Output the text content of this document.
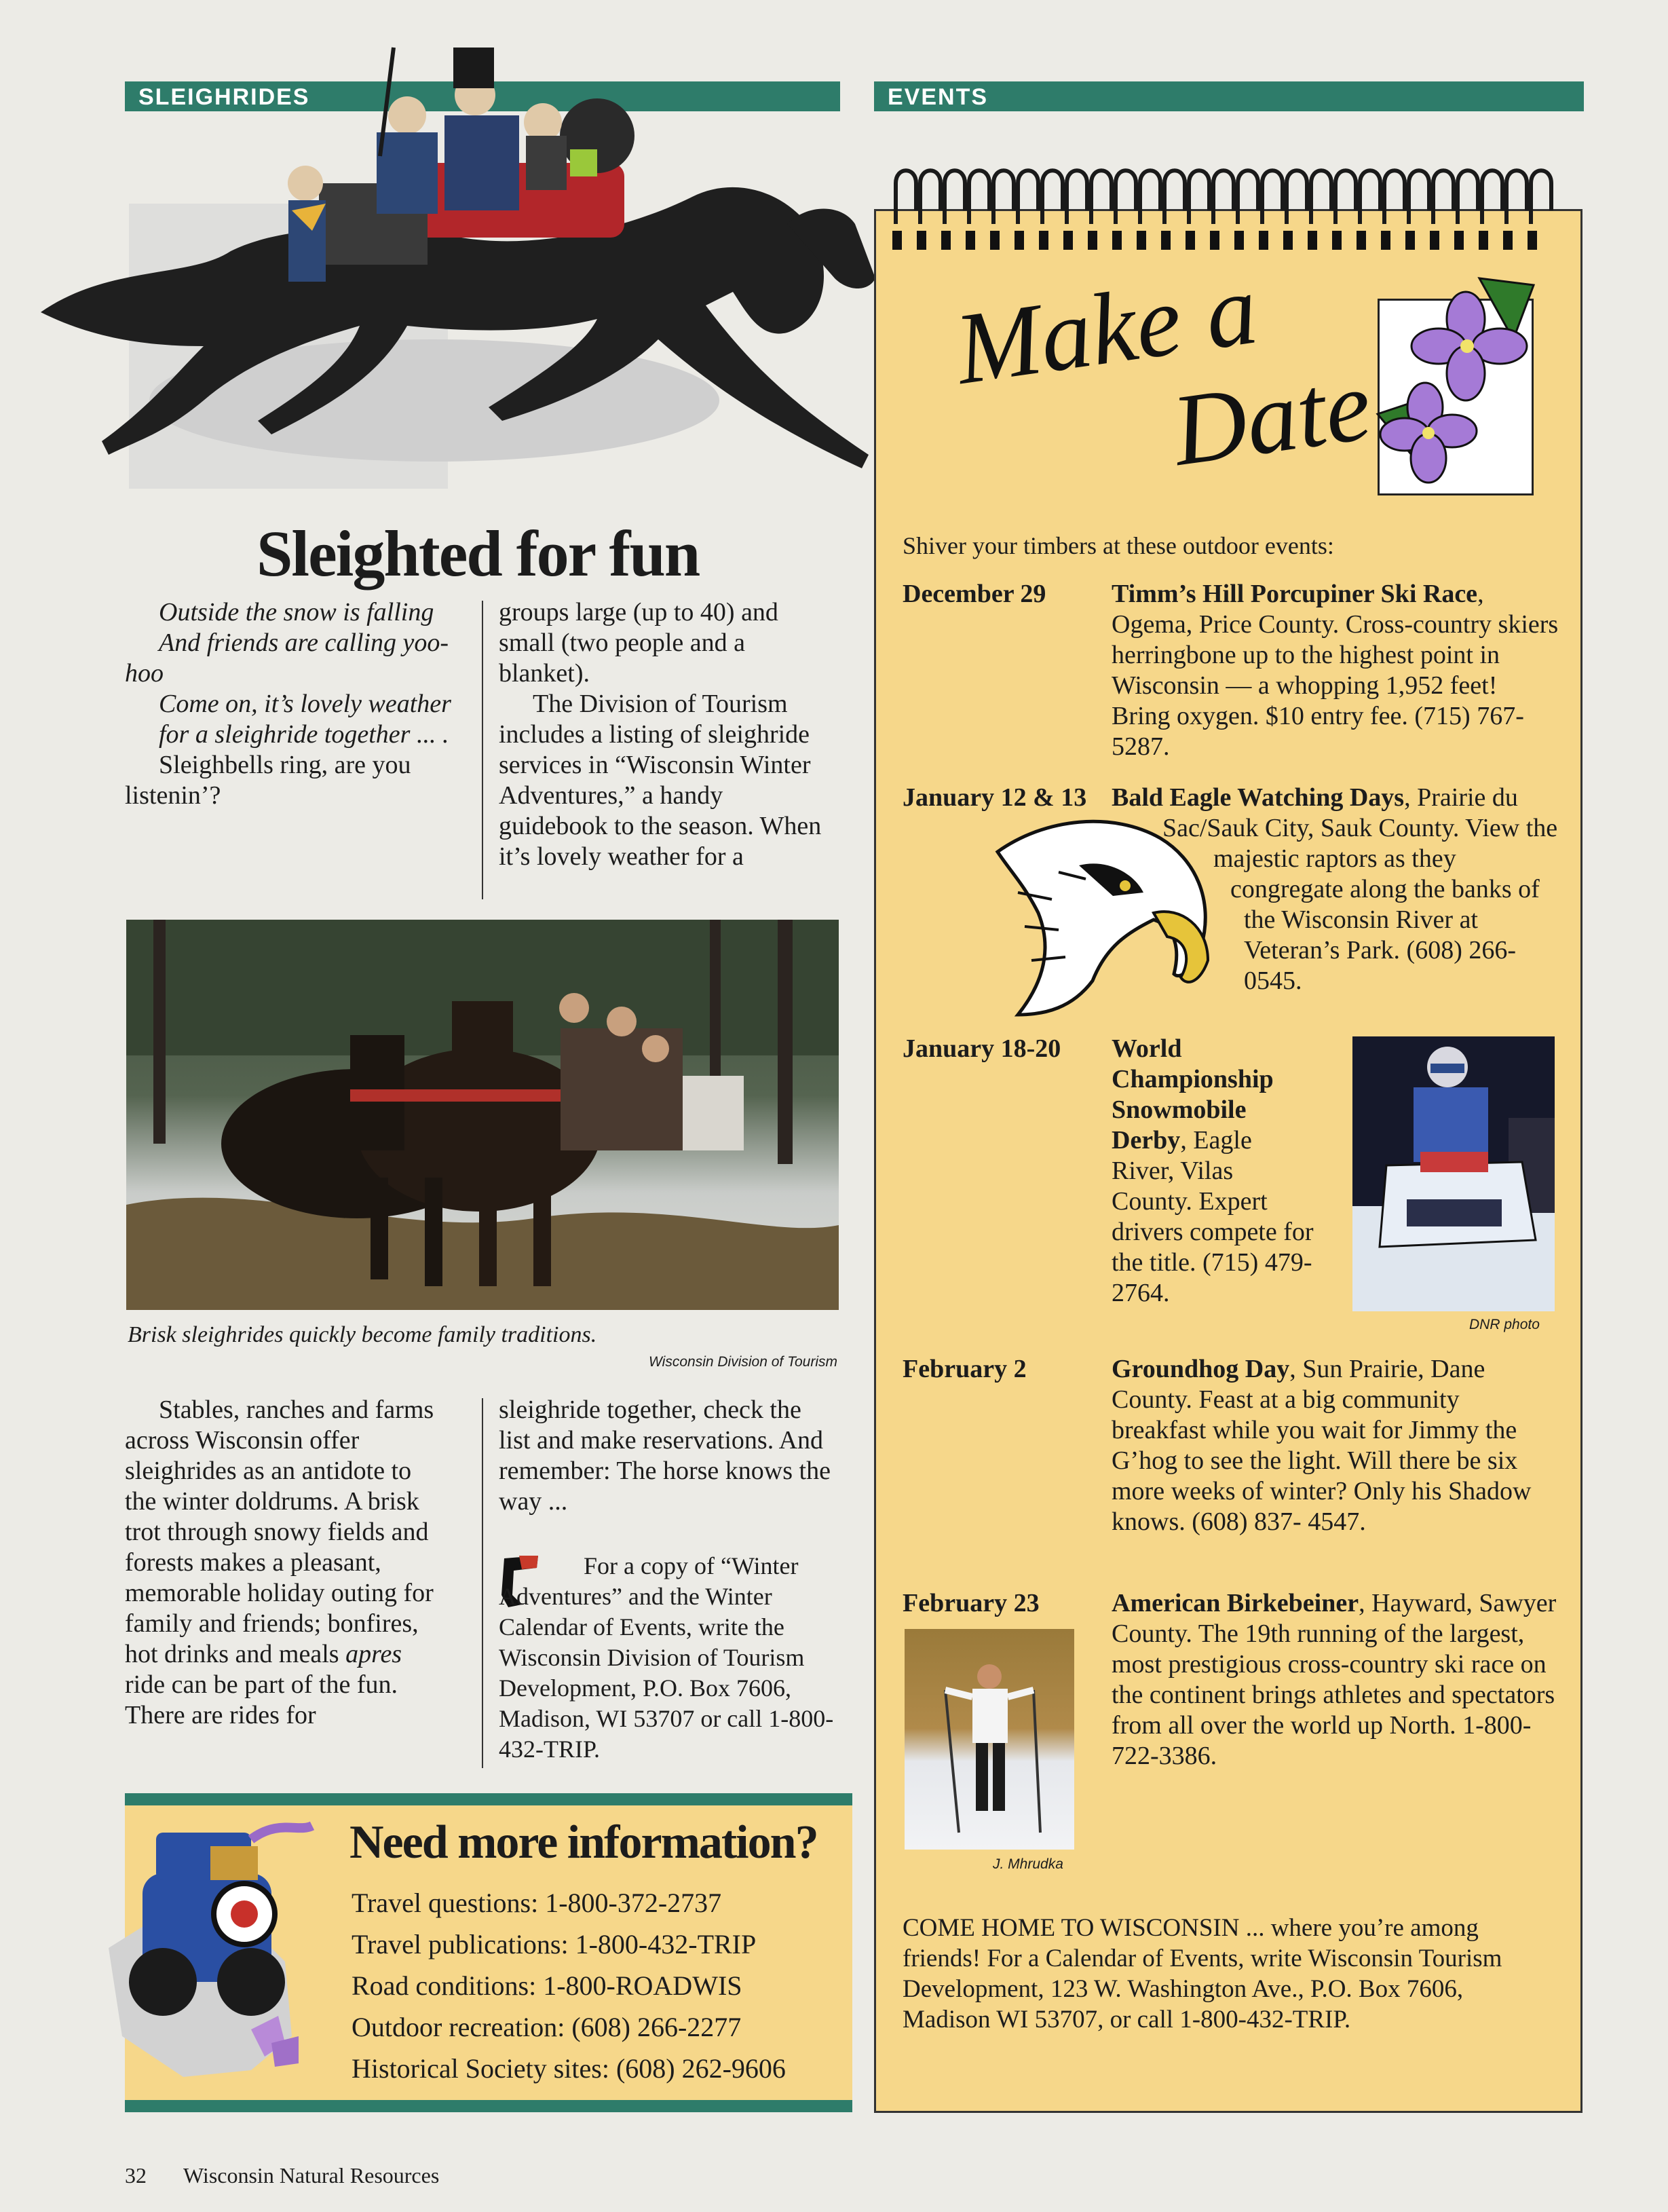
SLEIGHRIDES
Sleighted for fun

Outside the snow is falling

And friends are calling yoo-hoo

Come on, it’s lovely weather

for a sleighride together ... .

Sleighbells ring, are you listenin’?

groups large (up to 40) and small (two people and a blanket).

The Division of Tourism includes a listing of sleighride services in “Wisconsin Winter Adventures,” a handy guidebook to the season. When it’s lovely weather for a

Brisk sleighrides quickly become family traditions.
Wisconsin Division of Tourism

Stables, ranches and farms across Wisconsin offer sleighrides as an antidote to the winter doldrums. A brisk trot through snowy fields and forests makes a pleasant, memorable holiday outing for family and friends; bonfires, hot drinks and meals apres ride can be part of the fun. There are rides for

sleighride together, check the list and make reservations. And remember: The horse knows the way ...

For a copy of “Winter Adventures” and the Winter Calendar of Events, write the Wisconsin Division of Tourism Development, P.O. Box 7606, Madison, WI 53707 or call 1-800-432-TRIP.
Need more information?
Travel questions: 1-800-372-2737
Travel publications: 1-800-432-TRIP
Road conditions: 1-800-ROADWIS
Outdoor recreation: (608) 266-2277
Historical Society sites: (608) 262-9606
EVENTS
Make a
Date
Shiver your timbers at these outdoor events:
December 29	Timm’s Hill Porcupiner Ski Race, Ogema, Price County. Cross-country skiers herringbone up to the highest point in Wisconsin — a whopping 1,952 feet! Bring oxygen. $10 entry fee. (715) 767-5287.
January 12 & 13 Bald Eagle Watching Days, Prairie du Sac/Sauk City, Sauk County. View the majestic raptors as they congregate along the banks of the Wisconsin River at Veteran’s Park. (608) 266-0545.
January 18-20 World Championship Snowmobile Derby, Eagle River, Vilas County. Expert drivers compete for the title. (715) 479-2764.
DNR photo
February 2	Groundhog Day, Sun Prairie, Dane County. Feast at a big community breakfast while you wait for Jimmy the G’hog to see the light. Will there be six more weeks of winter? Only his Shadow knows. (608) 837- 4547.
February 23
J. Mhrudka
American Birkebeiner, Hayward, Sawyer County. The 19th running of the largest, most prestigious cross-country ski race on the continent brings athletes and spectators from all over the world up North. 1-800-722-3386.
COME HOME TO WISCONSIN ... where you’re among friends! For a Calendar of Events, write Wisconsin Tourism Development, 123 W. Washington Ave., P.O. Box 7606, Madison WI 53707, or call 1-800-432-TRIP.
32 Wisconsin Natural Resources
